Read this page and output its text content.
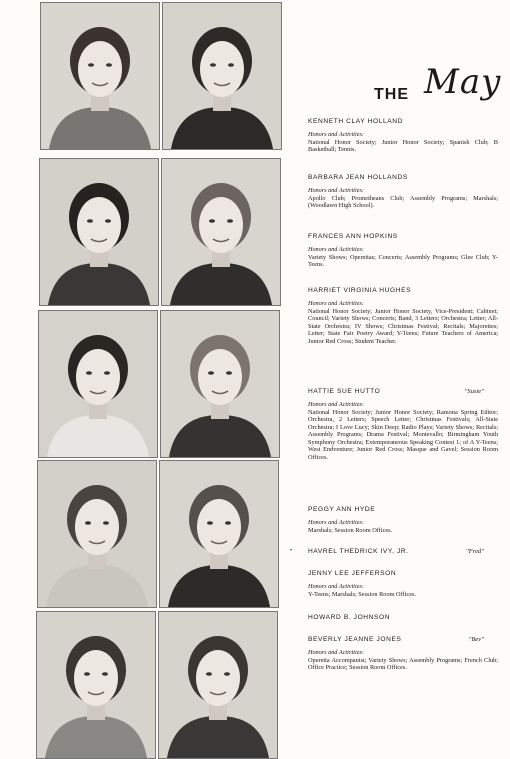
THE May
KENNETH CLAY HOLLAND
Honors and Activities:
National Honor Society; Junior Honor Society; Spanish Club; B Basketball; Tennis.
BARBARA JEAN HOLLANDS
Honors and Activities:
Apollo Club; Prometheans Club; Assembly Programs; Marshals; (Woodlawn High School).
FRANCES ANN HOPKINS
Honors and Activities:
Variety Shows; Operettas; Concerts; Assembly Programs; Glee Club; Y-Teens.
HARRIET VIRGINIA HUGHES
Honors and Activities:
National Honor Society; Junior Honor Society, Vice-President; Cabinet; Council; Variety Shows; Concerts; Band, 3 Letters; Orchestra; Letter; All-State Orchestra; IV Shows; Christmas Festival; Recitals; Majorettes; Letter; State Fair Poetry Award; Y-Teens; Future Teachers of America; Junior Red Cross; Student Teacher.
HATTIE SUE HUTTO	"Susie"
Honors and Activities:
National Honor Society; Junior Honor Society; Ramona Spring Editor; Orchestra, 2 Letters; Speech Letter; Christmas Festivals; All-State Orchestra; I Love Lucy; Skin Deep; Radio Plays; Variety Shows; Recitals; Assembly Programs; Drama Festival; Montevallo; Birmingham Youth Symphony Orchestra; Extemporaneous Speaking Contest 1; of A Y-Teens; West Endventure; Junior Red Cross; Masque and Gavel; Session Room Offices.
PEGGY ANN HYDE
Honors and Activities:
Marshals; Session Room Offices.
• HAVREL THEDRICK IVY, JR.	"Fred"
JENNY LEE JEFFERSON
Honors and Activities:
Y-Teens; Marshals; Session Room Offices.
HOWARD B. JOHNSON
BEVERLY JEANNE JONES	"Bev"
Honors and Activities:
Operetta Accompanist; Variety Shows; Assembly Programs; French Club; Office Practice; Session Room Offices.
